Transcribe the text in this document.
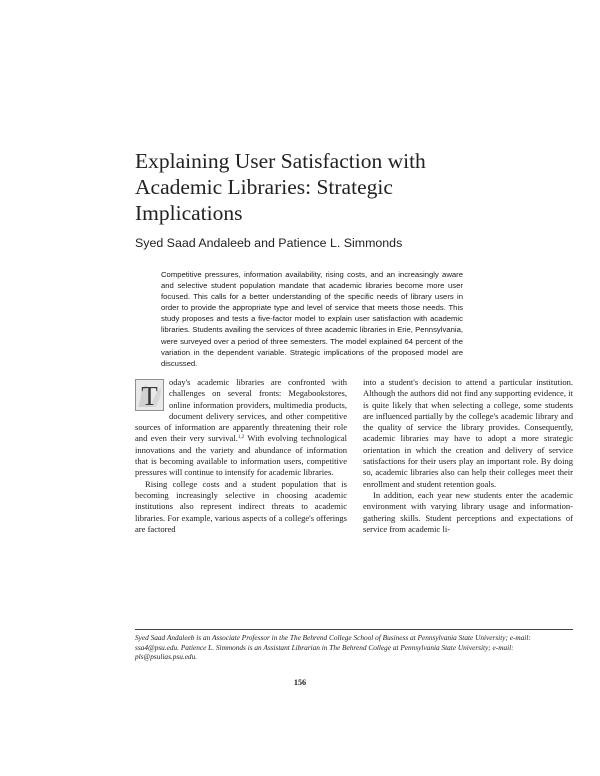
Explaining User Satisfaction with
Academic Libraries: Strategic
Implications
Syed Saad Andaleeb and Patience L. Simmonds

Competitive pressures, information availability, rising costs, and an increasingly aware and selective student population mandate that academic libraries become more user focused. This calls for a better understanding of the specific needs of library users in order to provide the appropriate type and level of service that meets those needs. This study proposes and tests a five-factor model to explain user satisfaction with academic libraries. Students availing the services of three academic libraries in Erie, Pennsylvania, were surveyed over a period of three semesters. The model explained 64 percent of the variation in the dependent variable. Strategic implications of the proposed model are discussed.

T	oday's academic libraries are confronted with challenges on several fronts: Megabookstores, online information providers, multimedia products, document delivery services, and other competitive sources of information are apparently threatening their role and even their very survival.$^{1,2}$ With evolving technological innovations and the variety and abundance of information that is becoming available to information users, competitive pressures will continue to intensify for academic libraries.

Rising college costs and a student population that is becoming increasingly selective in choosing academic institutions also represent indirect threats to academic libraries. For example, various aspects of a college's offerings are factored

into a student's decision to attend a particular institution. Although the authors did not find any supporting evidence, it is quite likely that when selecting a college, some students are influenced partially by the college's academic library and the quality of service the library provides. Consequently, academic libraries may have to adopt a more strategic orientation in which the creation and delivery of service satisfactions for their users play an important role. By doing so, academic libraries also can help their colleges meet their enrollment and student retention goals.

In addition, each year new students enter the academic environment with varying library usage and information-gathering skills. Student perceptions and expectations of service from academic li-

Syed Saad Andaleeb is an Associate Professor in the The Behrend College School of Business at Pennsylvania State University; e-mail: ssa4@psu.edu. Patience L. Simmonds is an Assistant Librarian in The Behrend College at Pennsylvania State University; e-mail: pls@psulias.psu.edu.

156
